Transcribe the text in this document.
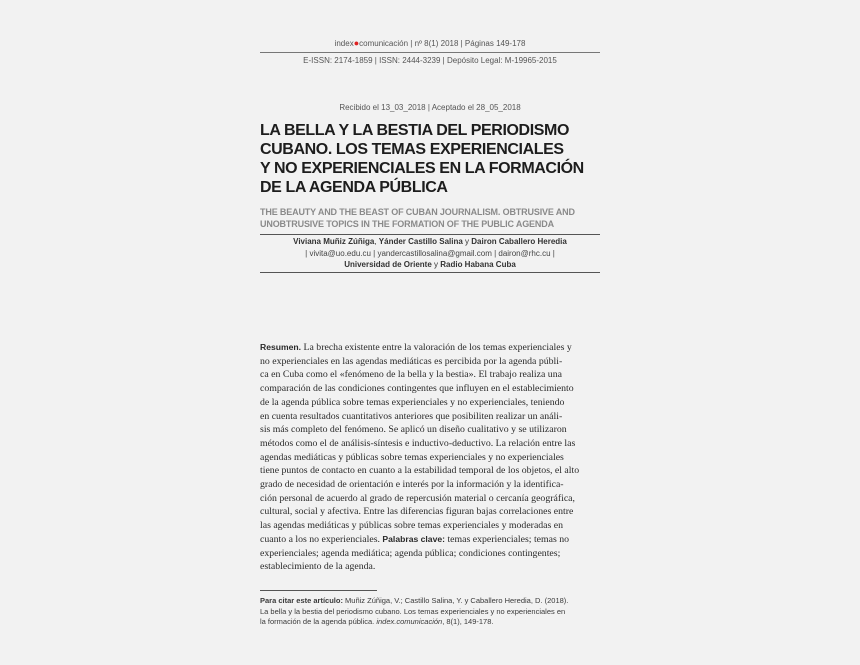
index●comunicación | nº 8(1) 2018 | Páginas 149-178
E-ISSN: 2174-1859 | ISSN: 2444-3239 | Depósito Legal: M-19965-2015
Recibido el 13_03_2018 | Aceptado el 28_05_2018
LA BELLA Y LA BESTIA DEL PERIODISMO
CUBANO. LOS TEMAS EXPERIENCIALES
Y NO EXPERIENCIALES EN LA FORMACIÓN
DE LA AGENDA PÚBLICA
THE BEAUTY AND THE BEAST OF CUBAN JOURNALISM. OBTRUSIVE AND
UNOBTRUSIVE TOPICS IN THE FORMATION OF THE PUBLIC AGENDA
Viviana Muñiz Zúñiga, Yánder Castillo Salina y Dairon Caballero Heredia
| vivita@uo.edu.cu | yandercastillosalina@gmail.com | dairon@rhc.cu |
Universidad de Oriente y Radio Habana Cuba
Resumen. La brecha existente entre la valoración de los temas experienciales y
no experienciales en las agendas mediáticas es percibida por la agenda públi-
ca en Cuba como el «fenómeno de la bella y la bestia». El trabajo realiza una
comparación de las condiciones contingentes que influyen en el establecimiento
de la agenda pública sobre temas experienciales y no experienciales, teniendo
en cuenta resultados cuantitativos anteriores que posibiliten realizar un análi-
sis más completo del fenómeno. Se aplicó un diseño cualitativo y se utilizaron
métodos como el de análisis-síntesis e inductivo-deductivo. La relación entre las
agendas mediáticas y públicas sobre temas experienciales y no experienciales
tiene puntos de contacto en cuanto a la estabilidad temporal de los objetos, el alto
grado de necesidad de orientación e interés por la información y la identifica-
ción personal de acuerdo al grado de repercusión material o cercanía geográfica,
cultural, social y afectiva. Entre las diferencias figuran bajas correlaciones entre
las agendas mediáticas y públicas sobre temas experienciales y moderadas en
cuanto a los no experienciales. Palabras clave: temas experienciales; temas no
experienciales; agenda mediática; agenda pública; condiciones contingentes;
establecimiento de la agenda.
Para citar este artículo: Muñiz Zúñiga, V.; Castillo Salina, Y. y Caballero Heredia, D. (2018).
La bella y la bestia del periodismo cubano. Los temas experienciales y no experienciales en
la formación de la agenda pública. index.comunicación, 8(1), 149-178.
